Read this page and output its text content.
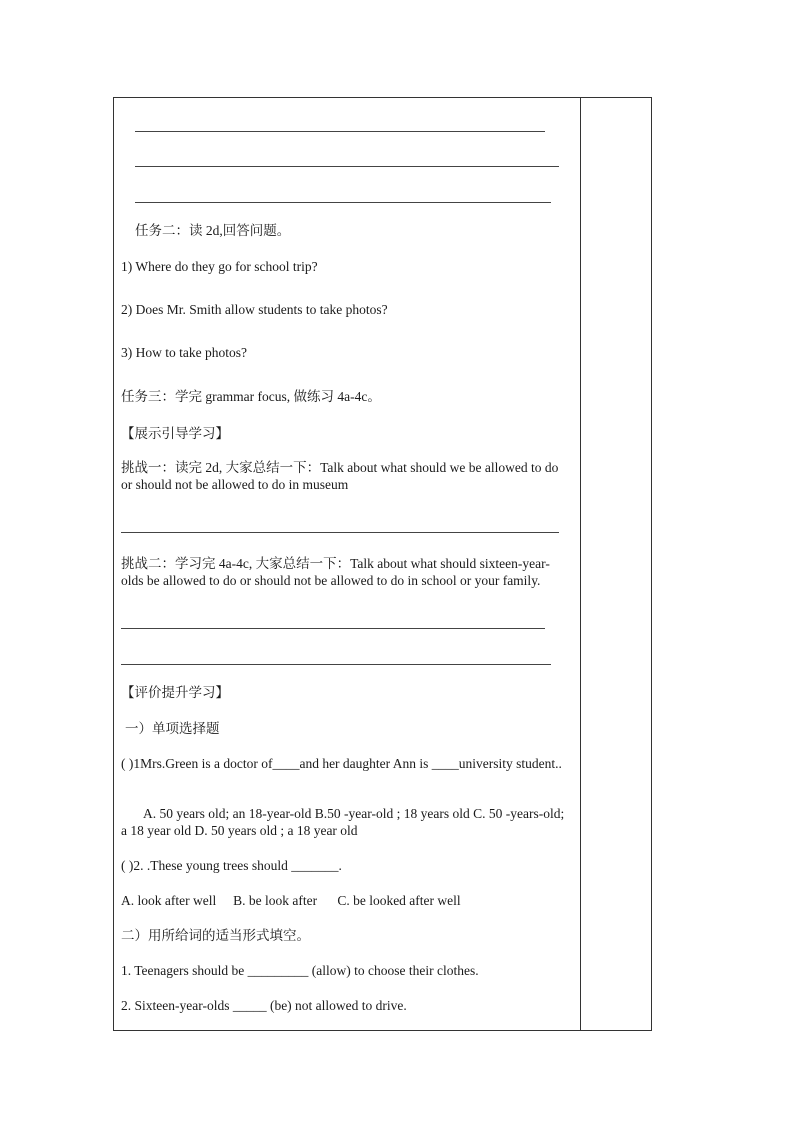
任务二：读 2d,回答问题。
1) Where do they go for school trip?
2) Does Mr. Smith allow students to take photos?
3) How to take photos?
任务三：学完 grammar focus, 做练习 4a-4c。
【展示引导学习】
挑战一：读完 2d, 大家总结一下：Talk about what should we be allowed to do or should not be allowed to do in museum
挑战二：学习完 4a-4c, 大家总结一下：Talk about what should sixteen-year-olds be allowed to do or should not be allowed to do in school or your family.
【评价提升学习】
一）单项选择题
( )1Mrs.Green is a doctor of____and her daughter Ann is ____university student..
A. 50 years old; an 18-year-old B.50 -year-old ; 18 years old C. 50 -years-old; a 18 year old D. 50 years old ; a 18 year old
( )2. .These young trees should _______.
A. look after well     B. be look after      C. be looked after well
二）用所给词的适当形式填空。
1. Teenagers should be _________ (allow) to choose their clothes.
2. Sixteen-year-olds _____ (be) not allowed to drive.
